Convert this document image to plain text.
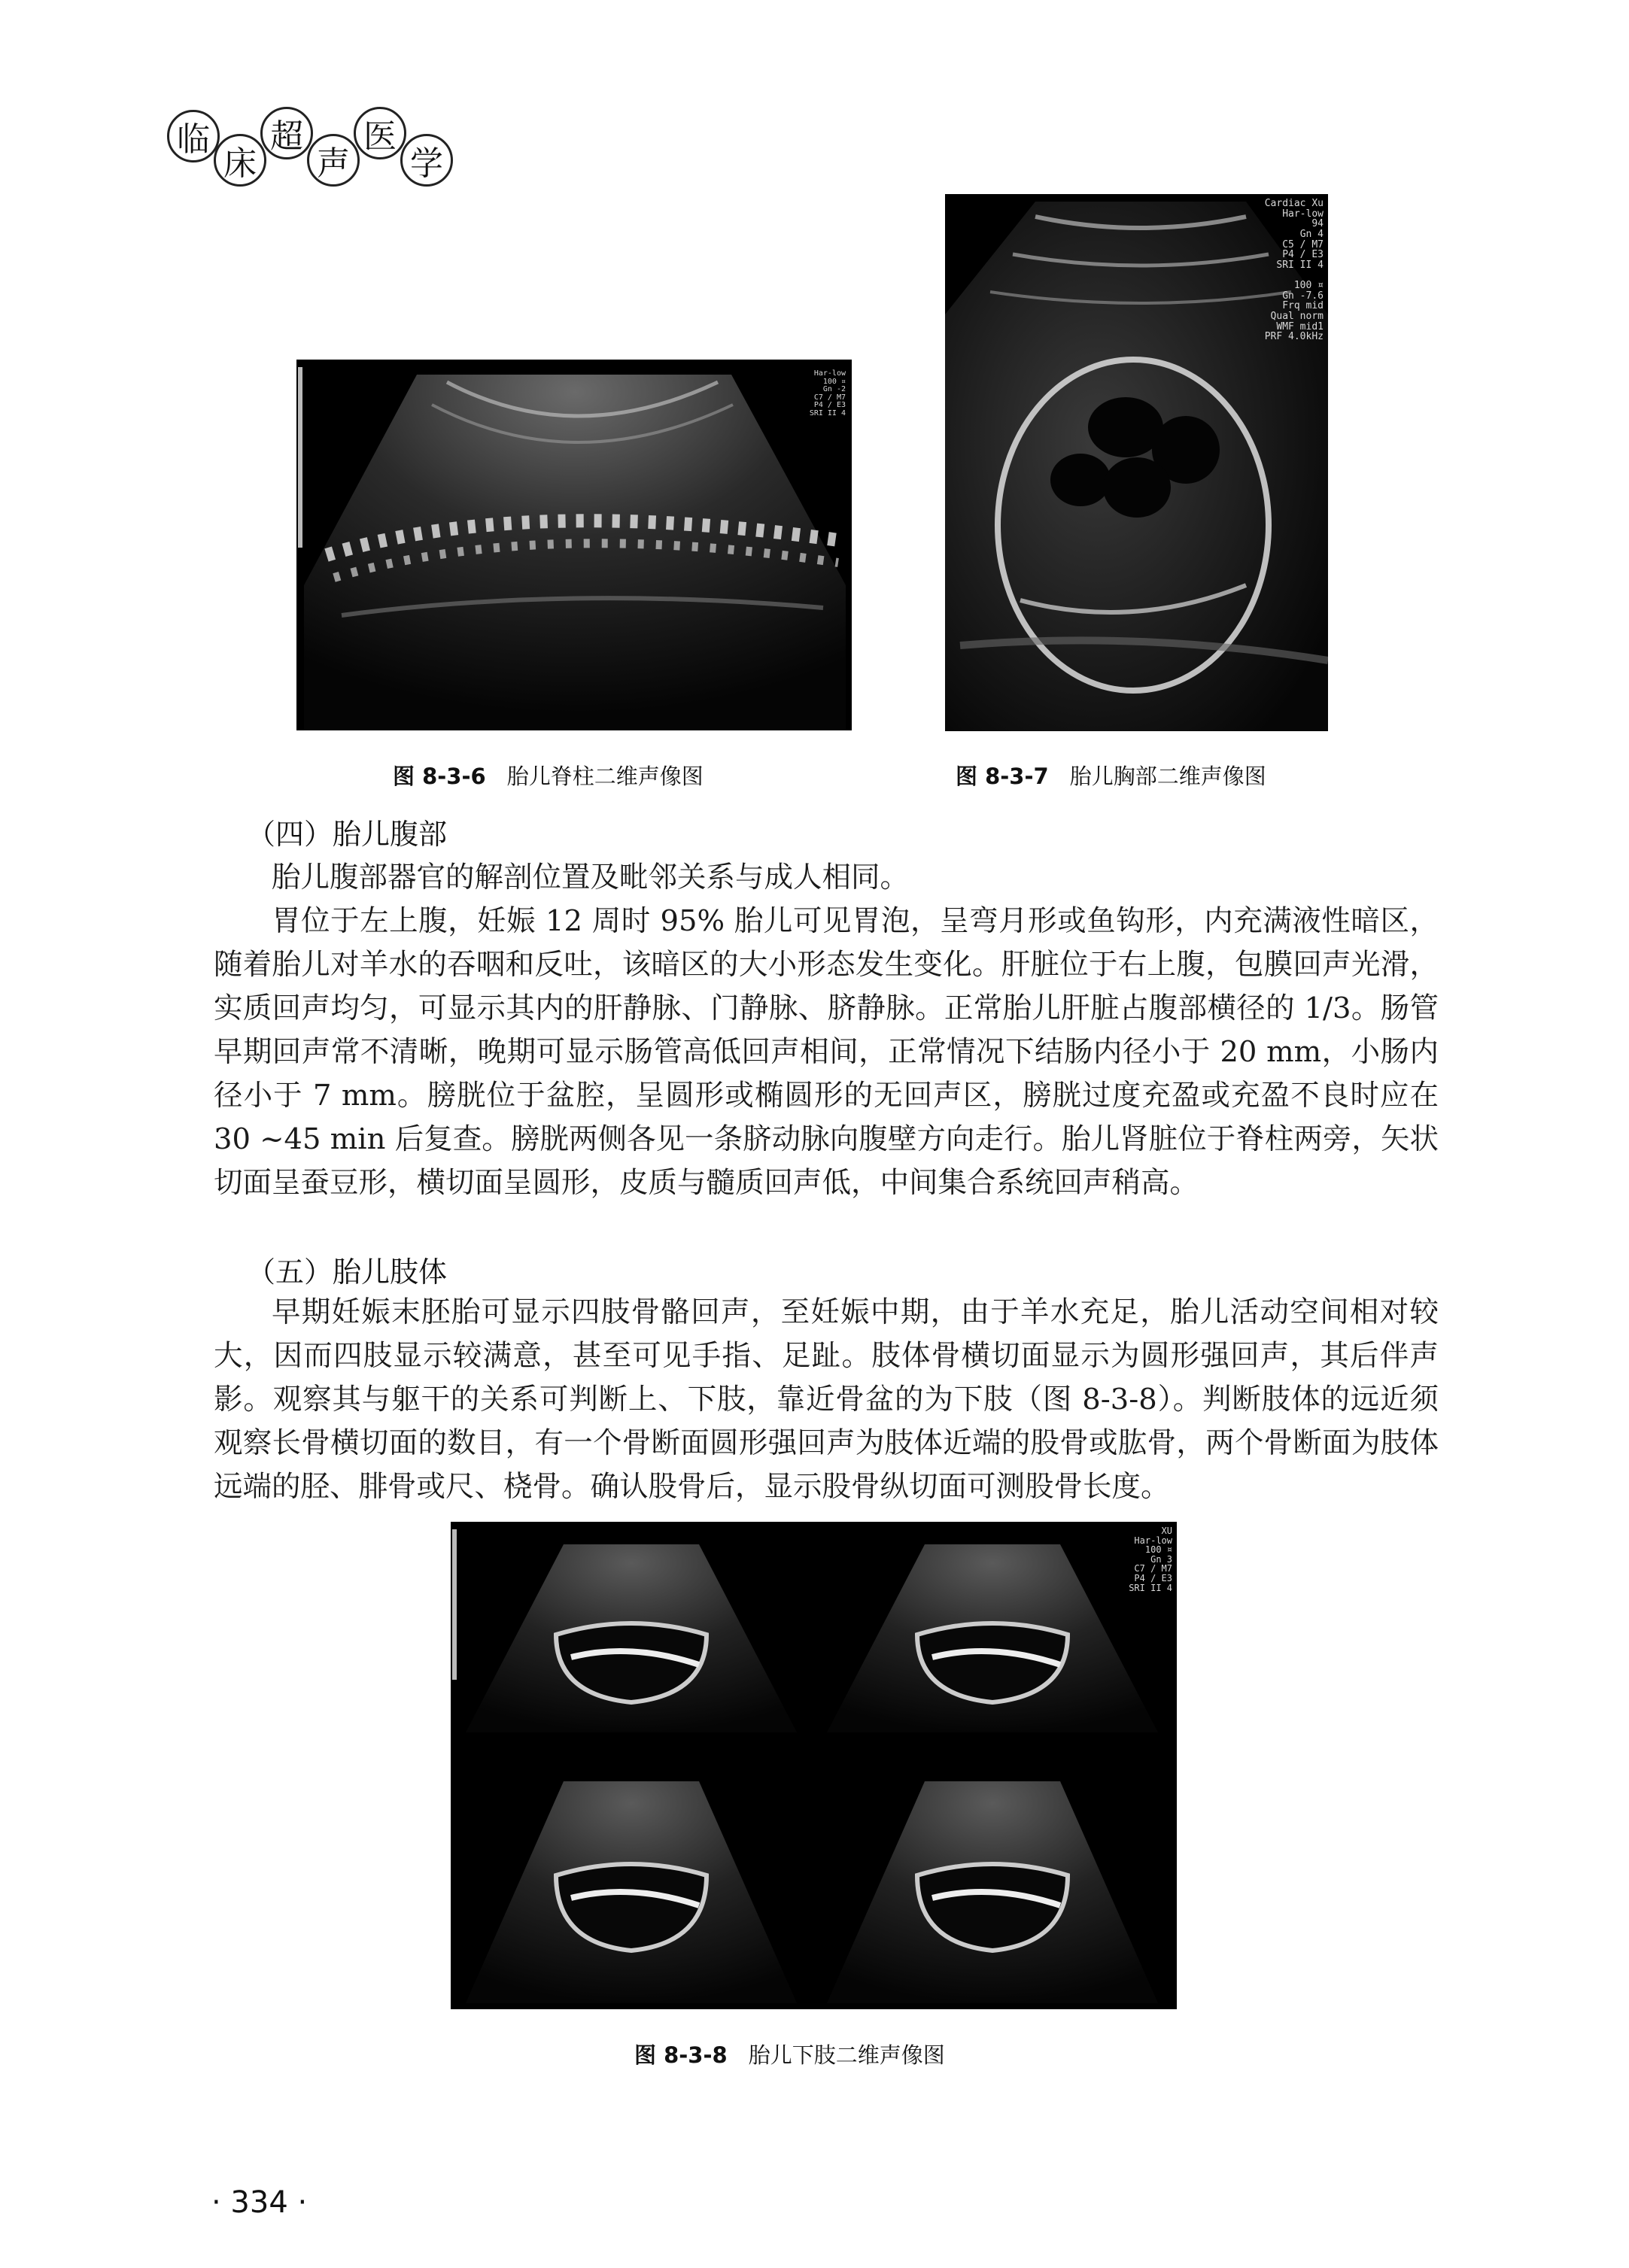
临
床
超
声
医
学
Har-low
100 ¤
Gn -2
C7 / M7
P4 / E3
SRI II 4
Cardiac Xu
Har-low
94
Gn 4
C5 / M7
P4 / E3
SRI II 4

100 ¤
Gn -7.6
Frq mid
Qual norm
WMF mid1
PRF 4.0kHz
图 8-3-6 胎儿脊柱二维声像图	图 8-3-7 胎儿胸部二维声像图
（四）胎儿腹部

胎儿腹部器官的解剖位置及毗邻关系与成人相同。

胃位于左上腹，妊娠 12 周时 95% 胎儿可见胃泡，呈弯月形或鱼钩形，内充满液性暗区，随着胎儿对羊水的吞咽和反吐，该暗区的大小形态发生变化。肝脏位于右上腹，包膜回声光滑，实质回声均匀，可显示其内的肝静脉、门静脉、脐静脉。正常胎儿肝脏占腹部横径的 1/3。肠管早期回声常不清晰，晚期可显示肠管高低回声相间，正常情况下结肠内径小于 20 mm，小肠内径小于 7 mm。膀胱位于盆腔，呈圆形或椭圆形的无回声区，膀胱过度充盈或充盈不良时应在 30 ~45 min 后复查。膀胱两侧各见一条脐动脉向腹壁方向走行。胎儿肾脏位于脊柱两旁，矢状切面呈蚕豆形，横切面呈圆形，皮质与髓质回声低，中间集合系统回声稍高。

（五）胎儿肢体

早期妊娠末胚胎可显示四肢骨骼回声，至妊娠中期，由于羊水充足，胎儿活动空间相对较大，因而四肢显示较满意，甚至可见手指、足趾。肢体骨横切面显示为圆形强回声，其后伴声影。观察其与躯干的关系可判断上、下肢，靠近骨盆的为下肢（图 8-3-8）。判断肢体的远近须观察长骨横切面的数目，有一个骨断面圆形强回声为肢体近端的股骨或肱骨，两个骨断面为肢体远端的胫、腓骨或尺、桡骨。确认股骨后，显示股骨纵切面可测股骨长度。

XU
Har-low
100 ¤
Gn 3
C7 / M7
P4 / E3
SRI II 4
图 8-3-8 胎儿下肢二维声像图
· 334 ·
